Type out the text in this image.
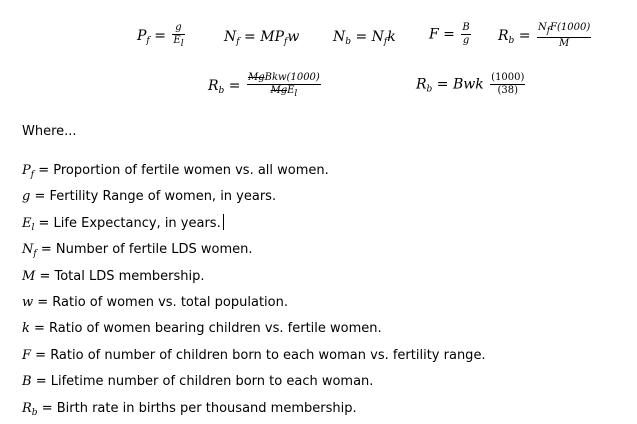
$P_f = \frac{g}{E_l}$	$N_f = MP_fw$ $N_b = N_fk$ $F = \frac{B}{g} R_b = \frac{N_fF(1000)}{M}$
$R_b = \frac{\text{MgBkw(1000)}}{MgE_l}$	$R_b$ = Bwk $\frac{(1000)}{(38)}$
Where...
$P_f$ = Proportion of fertile women vs. all women.
g = Fertility Range of women, in years.
$E_l$ = Life Expectancy, in years.
$N_f$ = Number of fertile LDS women.
M = Total LDS membership.
w = Ratio of women vs. total population.
k = Ratio of women bearing children vs. fertile women.
F = Ratio of number of children born to each woman vs. fertility range.
B = Lifetime number of children born to each woman.
$R_b$ = Birth rate in births per thousand membership.
